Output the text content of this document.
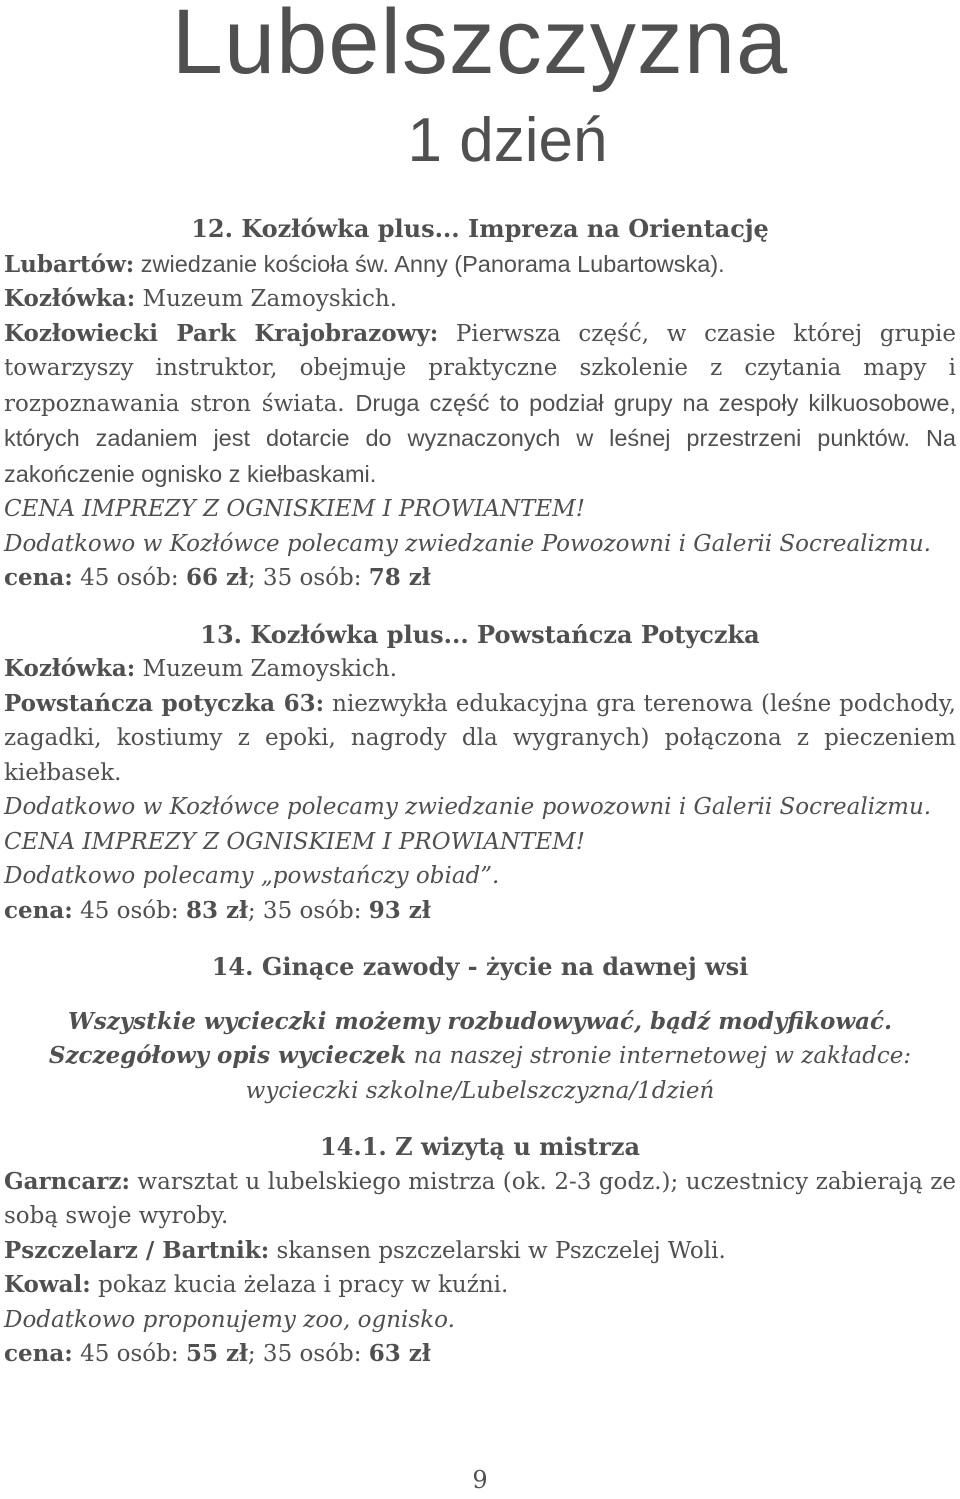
Lubelszczyzna
1 dzień

12. Kozłówka plus... Impreza na Orientację

Lubartów: zwiedzanie kościoła św. Anny (Panorama Lubartowska).

Kozłówka: Muzeum Zamoyskich.

Kozłowiecki Park Krajobrazowy: Pierwsza część, w czasie której grupie towarzyszy instruktor, obejmuje praktyczne szkolenie z czytania mapy i rozpoznawania stron świata. Druga część to podział grupy na zespoły kilkuosobowe, których zadaniem jest dotarcie do wyznaczonych w leśnej przestrzeni punktów. Na zakończenie ognisko z kiełbaskami.

CENA IMPREZY Z OGNISKIEM I PROWIANTEM!

Dodatkowo w Kozłówce polecamy zwiedzanie Powozowni i Galerii Socrealizmu.

cena: 45 osób: 66 zł; 35 osób: 78 zł

13. Kozłówka plus... Powstańcza Potyczka

Kozłówka: Muzeum Zamoyskich.

Powstańcza potyczka 63: niezwykła edukacyjna gra terenowa (leśne podchody, zagadki, kostiumy z epoki, nagrody dla wygranych) połączona z pieczeniem kiełbasek.

Dodatkowo w Kozłówce polecamy zwiedzanie powozowni i Galerii Socrealizmu.

CENA IMPREZY Z OGNISKIEM I PROWIANTEM!

Dodatkowo polecamy „powstańczy obiad”.

cena: 45 osób: 83 zł; 35 osób: 93 zł

14. Ginące zawody - życie na dawnej wsi

Wszystkie wycieczki możemy rozbudowywać, bądź modyfikować.

Szczegółowy opis wycieczek na naszej stronie internetowej w zakładce:

wycieczki szkolne/Lubelszczyzna/1dzień

14.1. Z wizytą u mistrza

Garncarz: warsztat u lubelskiego mistrza (ok. 2-3 godz.); uczestnicy zabierają ze sobą swoje wyroby.

Pszczelarz / Bartnik: skansen pszczelarski w Pszczelej Woli.

Kowal: pokaz kucia żelaza i pracy w kuźni.

Dodatkowo proponujemy zoo, ognisko.

cena: 45 osób: 55 zł; 35 osób: 63 zł

9
